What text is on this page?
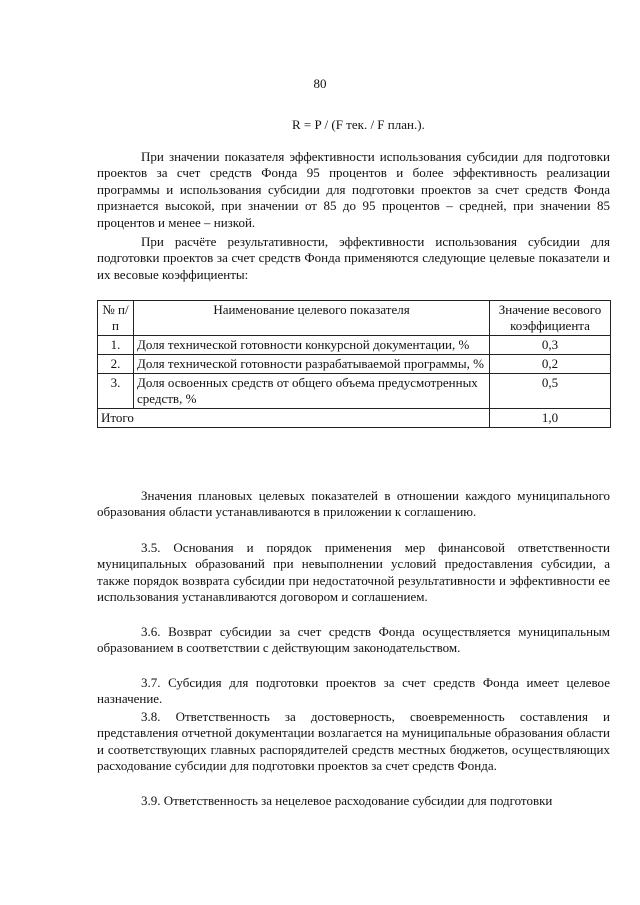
80
R = P / (F тек. / F план.).

При значении показателя эффективности использования субсидии для подготовки проектов за счет средств Фонда 95 процентов и более эффективность реализации программы и использования субсидии для подготовки проектов за счет средств Фонда признается высокой, при значении от 85 до 95 процентов – средней, при значении 85 процентов и менее – низкой.

При расчёте результативности, эффективности использования субсидии для подготовки проектов за счет средств Фонда применяются следующие целевые показатели и их весовые коэффициенты:

№ п/п	Наименование целевого показателя	Значение весового коэффициента
1.	Доля технической готовности конкурсной документации, %	0,3
2.	Доля технической готовности разрабатываемой программы, %	0,2
3.	Доля освоенных средств от общего объема предусмотренных средств, %	0,5
Итого		1,0

Значения плановых целевых показателей в отношении каждого муниципального образования области устанавливаются в приложении к соглашению.

3.5. Основания и порядок применения мер финансовой ответственности муниципальных образований при невыполнении условий предоставления субсидии, а также порядок возврата субсидии при недостаточной результативности и эффективности ее использования устанавливаются договором и соглашением.

3.6. Возврат субсидии за счет средств Фонда осуществляется муниципальным образованием в соответствии с действующим законодательством.

3.7. Субсидия для подготовки проектов за счет средств Фонда имеет целевое назначение.

3.8. Ответственность за достоверность, своевременность составления и представления отчетной документации возлагается на муниципальные образования области и соответствующих главных распорядителей средств местных бюджетов, осуществляющих расходование субсидии для подготовки проектов за счет средств Фонда.

3.9. Ответственность за нецелевое расходование субсидии для подготовки
